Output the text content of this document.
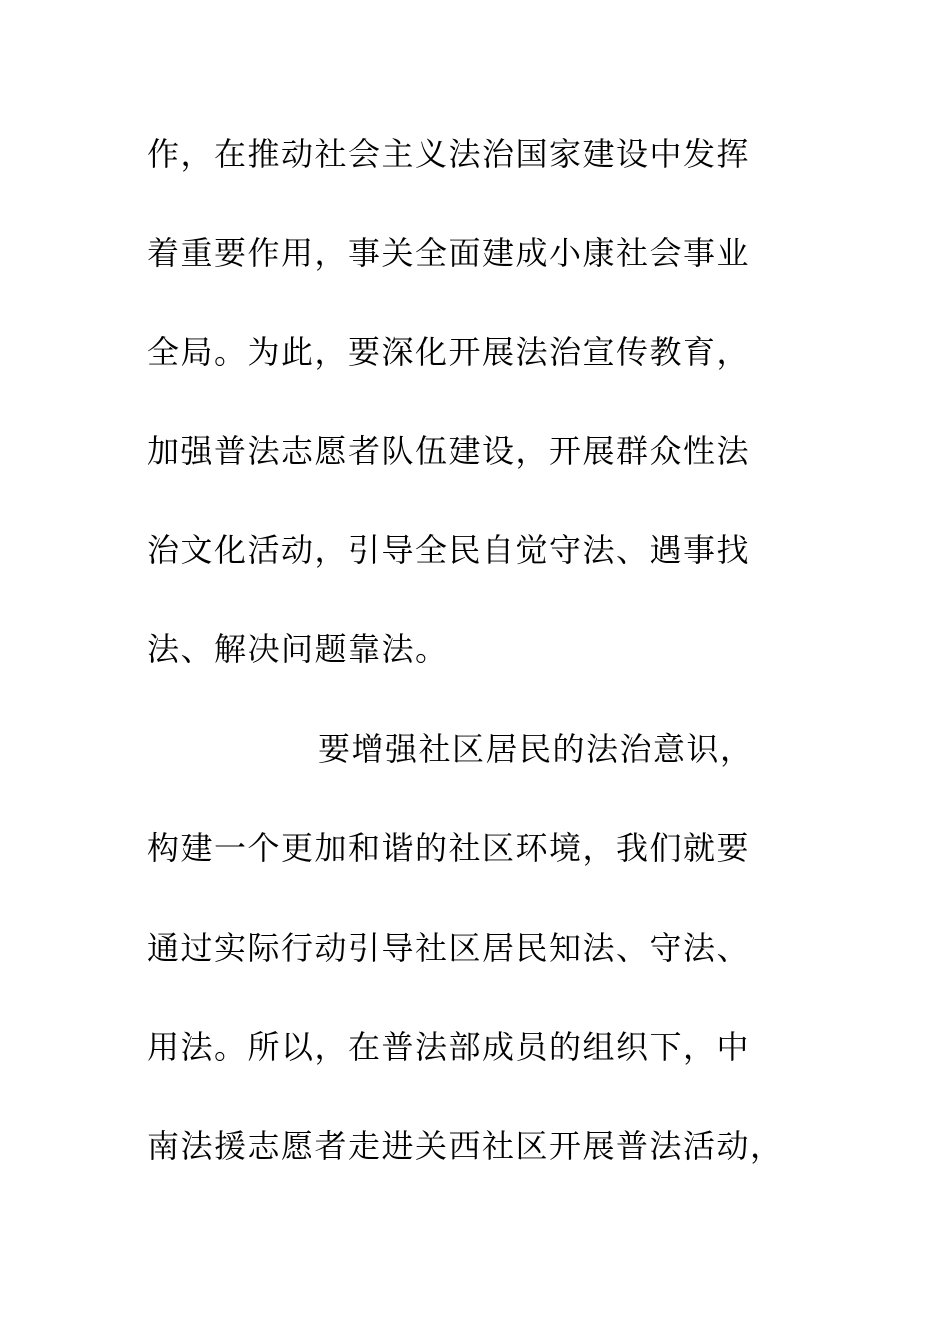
作，在推动社会主义法治国家建设中发挥
着重要作用，事关全面建成小康社会事业
全局。为此，要深化开展法治宣传教育，
加强普法志愿者队伍建设，开展群众性法
治文化活动，引导全民自觉守法、遇事找
法、解决问题靠法。
要增强社区居民的法治意识，
构建一个更加和谐的社区环境，我们就要
通过实际行动引导社区居民知法、守法、
用法。所以，在普法部成员的组织下，中
南法援志愿者走进关西社区开展普法活动，
